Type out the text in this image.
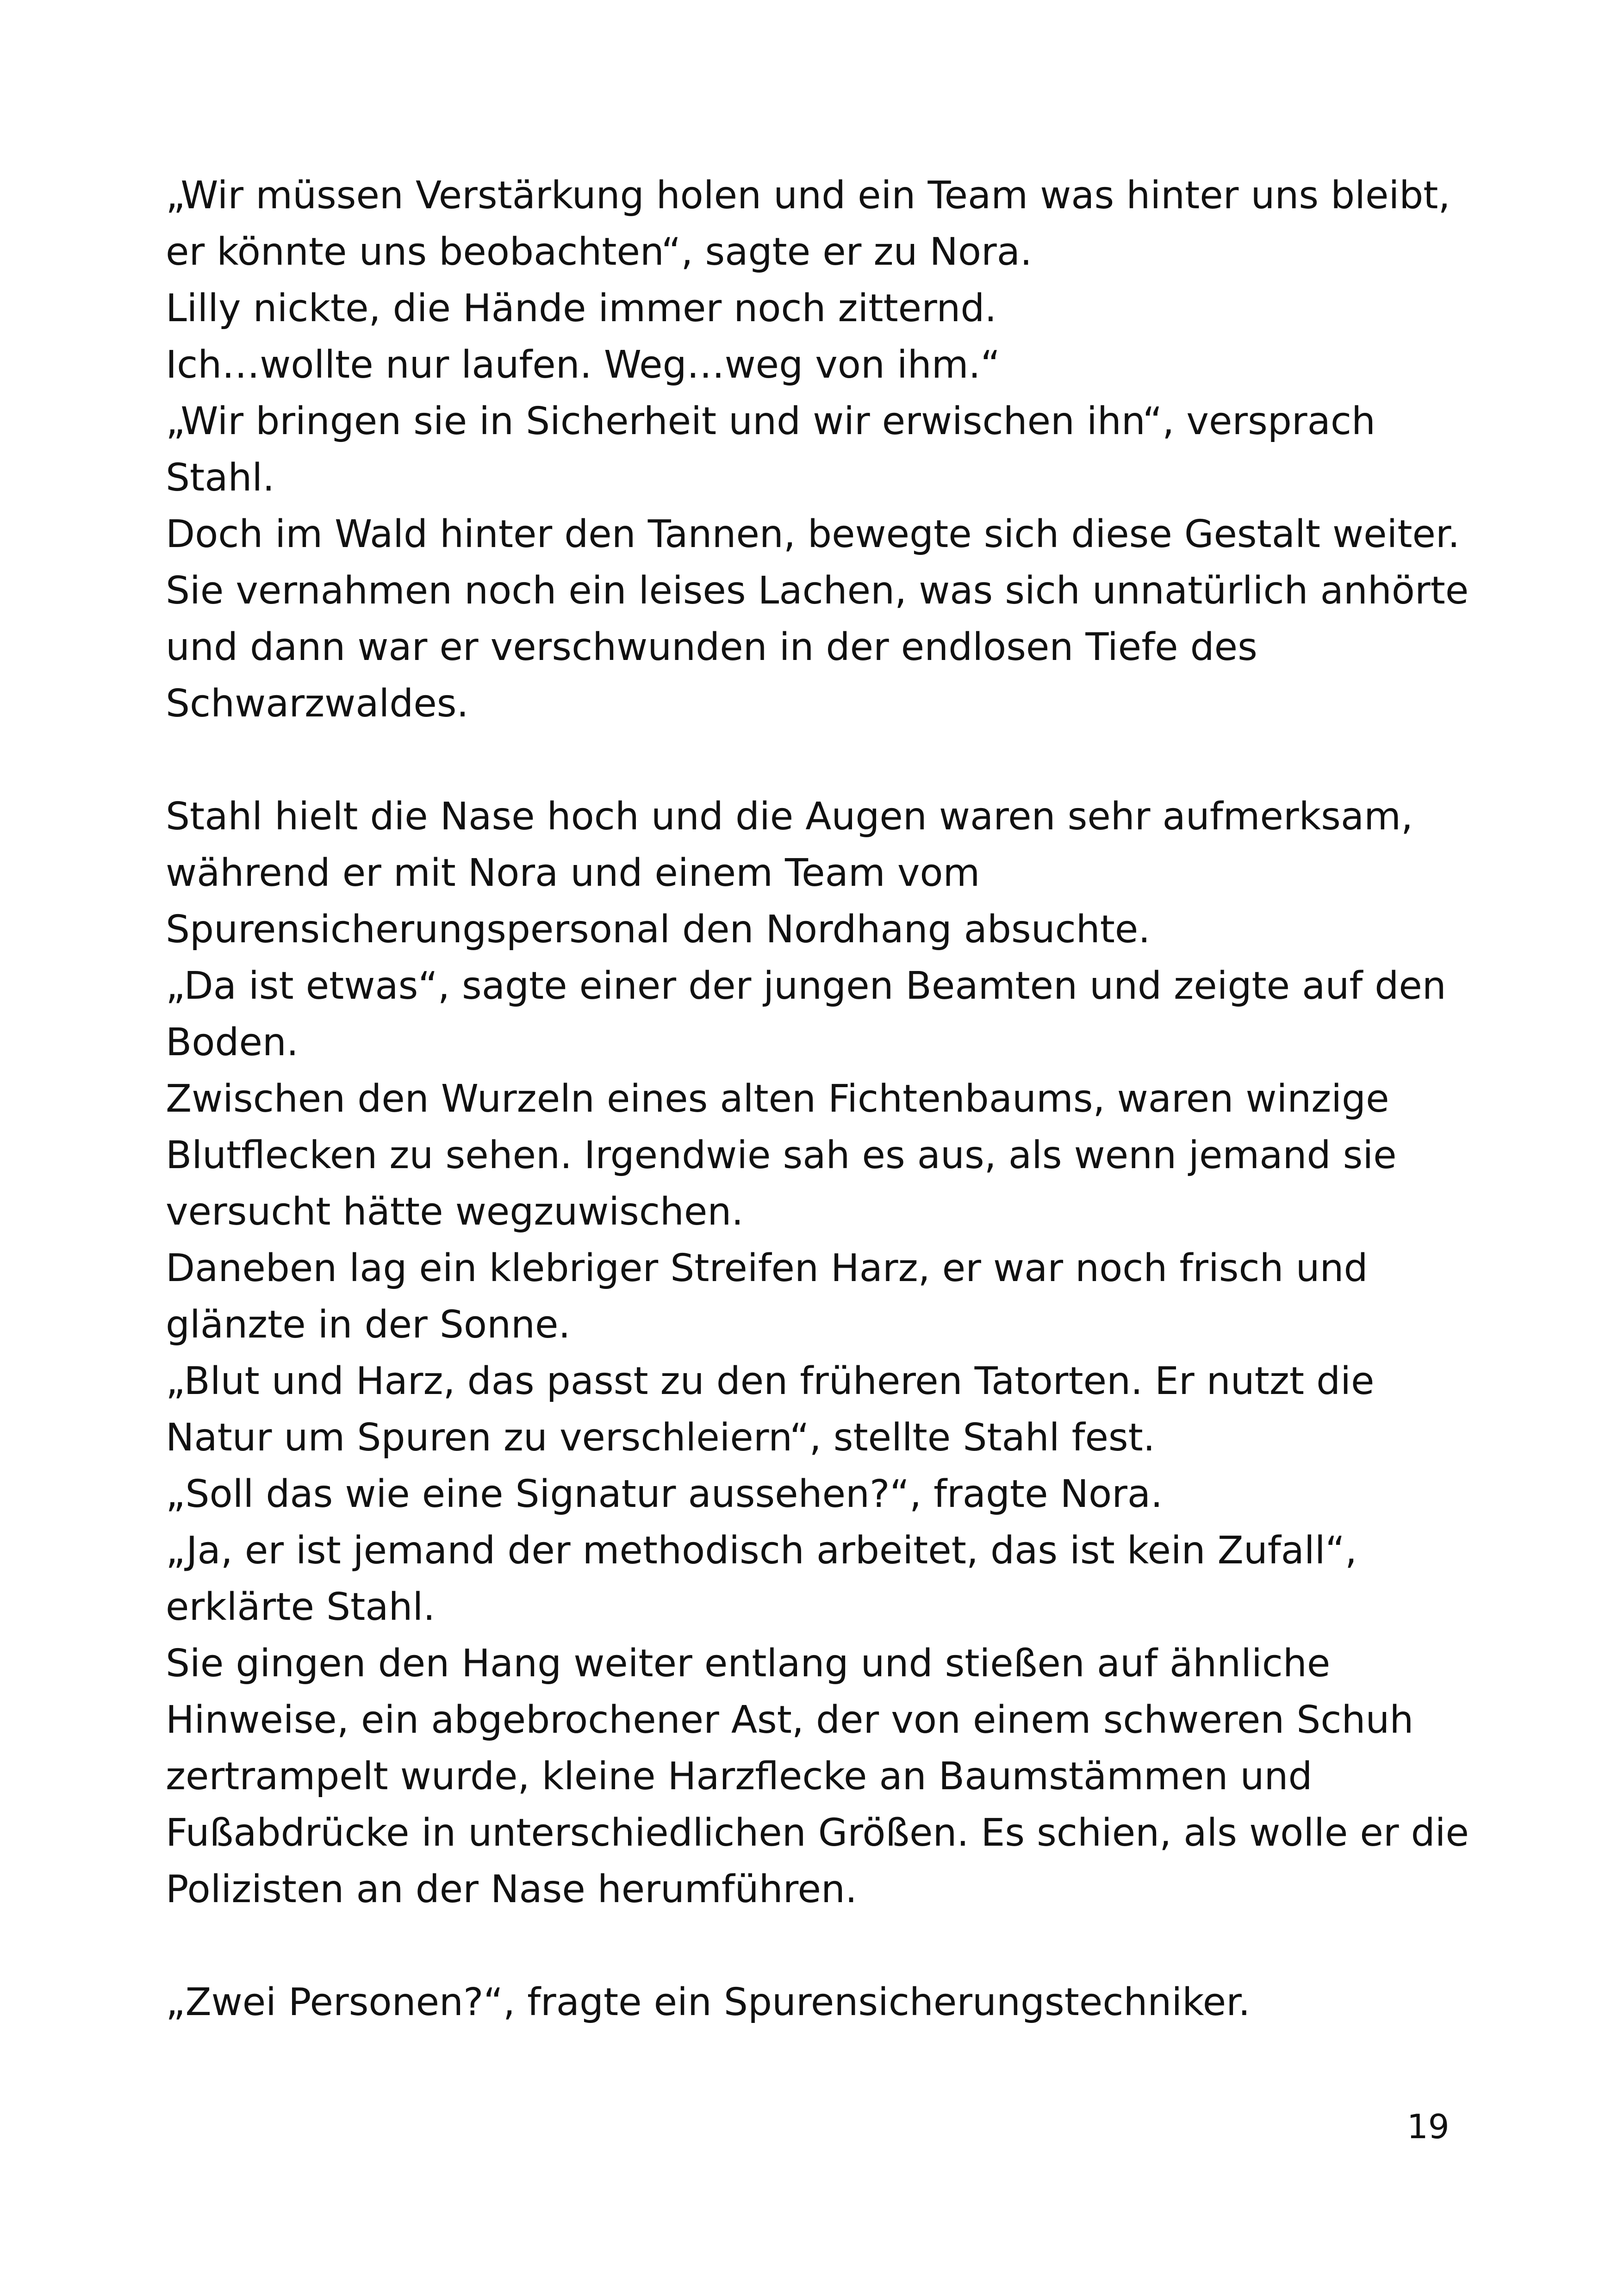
„Wir müssen Verstärkung holen und ein Team was hinter uns bleibt,
er könnte uns beobachten“, sagte er zu Nora.
Lilly nickte, die Hände immer noch zitternd.
Ich…wollte nur laufen. Weg…weg von ihm.“
„Wir bringen sie in Sicherheit und wir erwischen ihn“, versprach
Stahl.
Doch im Wald hinter den Tannen, bewegte sich diese Gestalt weiter.
Sie vernahmen noch ein leises Lachen, was sich unnatürlich anhörte
und dann war er verschwunden in der endlosen Tiefe des
Schwarzwaldes.
Stahl hielt die Nase hoch und die Augen waren sehr aufmerksam,
während er mit Nora und einem Team vom
Spurensicherungspersonal den Nordhang absuchte.
„Da ist etwas“, sagte einer der jungen Beamten und zeigte auf den
Boden.
Zwischen den Wurzeln eines alten Fichtenbaums, waren winzige
Blutflecken zu sehen. Irgendwie sah es aus, als wenn jemand sie
versucht hätte wegzuwischen.
Daneben lag ein klebriger Streifen Harz, er war noch frisch und
glänzte in der Sonne.
„Blut und Harz, das passt zu den früheren Tatorten. Er nutzt die
Natur um Spuren zu verschleiern“, stellte Stahl fest.
„Soll das wie eine Signatur aussehen?“, fragte Nora.
„Ja, er ist jemand der methodisch arbeitet, das ist kein Zufall“,
erklärte Stahl.
Sie gingen den Hang weiter entlang und stießen auf ähnliche
Hinweise, ein abgebrochener Ast, der von einem schweren Schuh
zertrampelt wurde, kleine Harzflecke an Baumstämmen und
Fußabdrücke in unterschiedlichen Größen. Es schien, als wolle er die
Polizisten an der Nase herumführen.
„Zwei Personen?“, fragte ein Spurensicherungstechniker.
19
